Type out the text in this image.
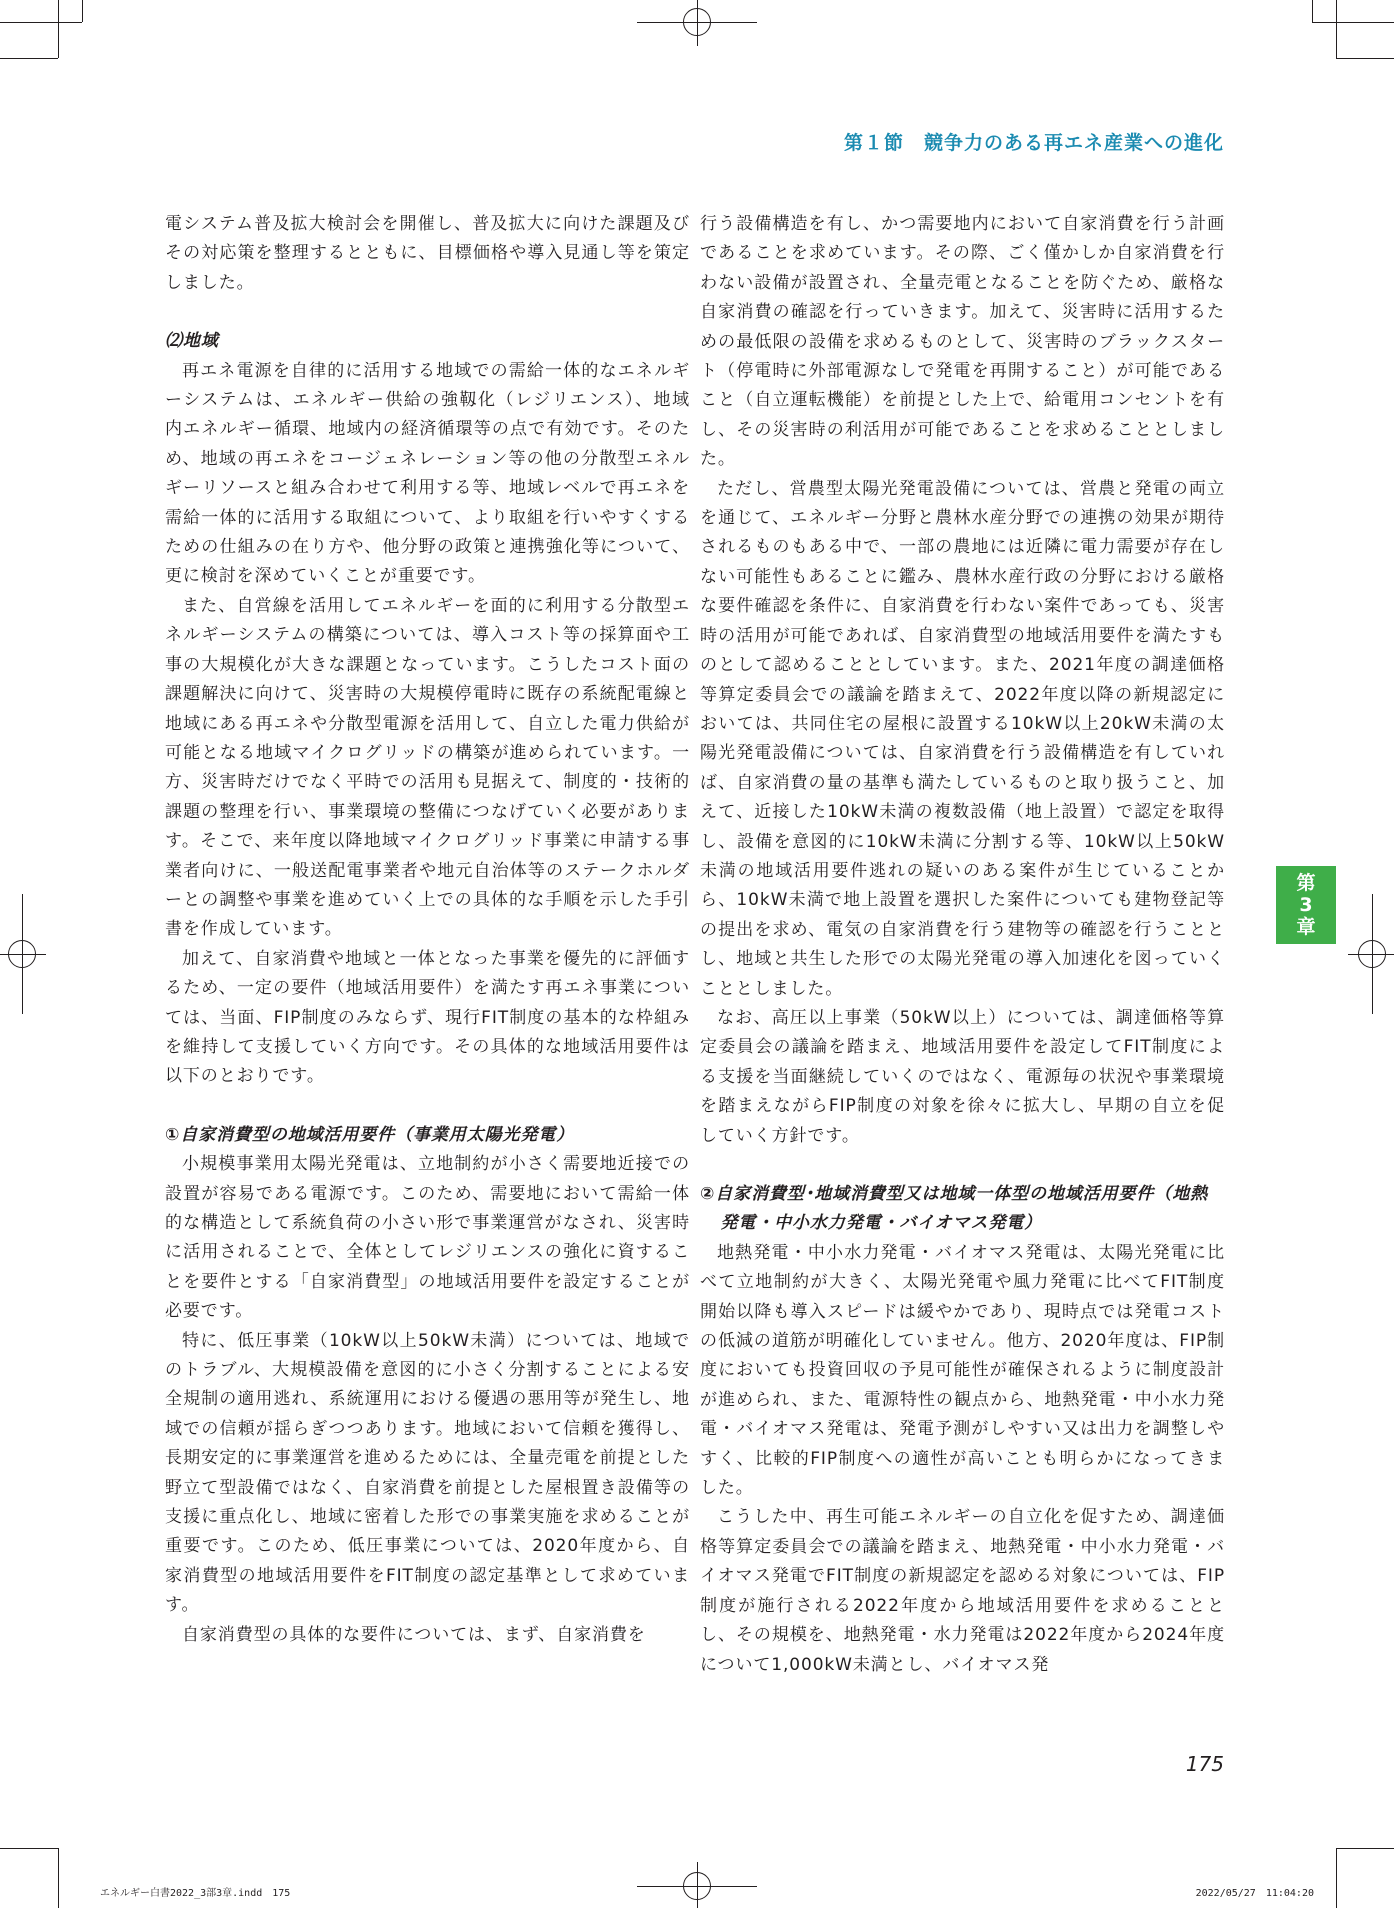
第１節　競争力のある再エネ産業への進化

電システム普及拡大検討会を開催し、普及拡大に向けた課題及びその対応策を整理するとともに、目標価格や導入見通し等を策定しました。

⑵地域

再エネ電源を自律的に活用する地域での需給一体的なエネルギーシステムは、エネルギー供給の強靱化（レジリエンス）、地域内エネルギー循環、地域内の経済循環等の点で有効です。そのため、地域の再エネをコージェネレーション等の他の分散型エネルギーリソースと組み合わせて利用する等、地域レベルで再エネを需給一体的に活用する取組について、より取組を行いやすくするための仕組みの在り方や、他分野の政策と連携強化等について、更に検討を深めていくことが重要です。

また、自営線を活用してエネルギーを面的に利用する分散型エネルギーシステムの構築については、導入コスト等の採算面や工事の大規模化が大きな課題となっています。こうしたコスト面の課題解決に向けて、災害時の大規模停電時に既存の系統配電線と地域にある再エネや分散型電源を活用して、自立した電力供給が可能となる地域マイクログリッドの構築が進められています。一方、災害時だけでなく平時での活用も見据えて、制度的・技術的課題の整理を行い、事業環境の整備につなげていく必要があります。そこで、来年度以降地域マイクログリッド事業に申請する事業者向けに、一般送配電事業者や地元自治体等のステークホルダーとの調整や事業を進めていく上での具体的な手順を示した手引書を作成しています。

加えて、自家消費や地域と一体となった事業を優先的に評価するため、一定の要件（地域活用要件）を満たす再エネ事業については、当面、FIP制度のみならず、現行FIT制度の基本的な枠組みを維持して支援していく方向です。その具体的な地域活用要件は以下のとおりです。

①自家消費型の地域活用要件（事業用太陽光発電）

小規模事業用太陽光発電は、立地制約が小さく需要地近接での設置が容易である電源です。このため、需要地において需給一体的な構造として系統負荷の小さい形で事業運営がなされ、災害時に活用されることで、全体としてレジリエンスの強化に資することを要件とする「自家消費型」の地域活用要件を設定することが必要です。

特に、低圧事業（10kW以上50kW未満）については、地域でのトラブル、大規模設備を意図的に小さく分割することによる安全規制の適用逃れ、系統運用における優遇の悪用等が発生し、地域での信頼が揺らぎつつあります。地域において信頼を獲得し、長期安定的に事業運営を進めるためには、全量売電を前提とした野立て型設備ではなく、自家消費を前提とした屋根置き設備等の支援に重点化し、地域に密着した形での事業実施を求めることが重要です。このため、低圧事業については、2020年度から、自家消費型の地域活用要件をFIT制度の認定基準として求めています。

自家消費型の具体的な要件については、まず、自家消費を

行う設備構造を有し、かつ需要地内において自家消費を行う計画であることを求めています。その際、ごく僅かしか自家消費を行わない設備が設置され、全量売電となることを防ぐため、厳格な自家消費の確認を行っていきます。加えて、災害時に活用するための最低限の設備を求めるものとして、災害時のブラックスタート（停電時に外部電源なしで発電を再開すること）が可能であること（自立運転機能）を前提とした上で、給電用コンセントを有し、その災害時の利活用が可能であることを求めることとしました。

ただし、営農型太陽光発電設備については、営農と発電の両立を通じて、エネルギー分野と農林水産分野での連携の効果が期待されるものもある中で、一部の農地には近隣に電力需要が存在しない可能性もあることに鑑み、農林水産行政の分野における厳格な要件確認を条件に、自家消費を行わない案件であっても、災害時の活用が可能であれば、自家消費型の地域活用要件を満たすものとして認めることとしています。また、2021年度の調達価格等算定委員会での議論を踏まえて、2022年度以降の新規認定においては、共同住宅の屋根に設置する10kW以上20kW未満の太陽光発電設備については、自家消費を行う設備構造を有していれば、自家消費の量の基準も満たしているものと取り扱うこと、加えて、近接した10kW未満の複数設備（地上設置）で認定を取得し、設備を意図的に10kW未満に分割する等、10kW以上50kW未満の地域活用要件逃れの疑いのある案件が生じていることから、10kW未満で地上設置を選択した案件についても建物登記等の提出を求め、電気の自家消費を行う建物等の確認を行うこととし、地域と共生した形での太陽光発電の導入加速化を図っていくこととしました。

なお、高圧以上事業（50kW以上）については、調達価格等算定委員会の議論を踏まえ、地域活用要件を設定してFIT制度による支援を当面継続していくのではなく、電源毎の状況や事業環境を踏まえながらFIP制度の対象を徐々に拡大し、早期の自立を促していく方針です。

②自家消費型･地域消費型又は地域一体型の地域活用要件（地熱発電・中小水力発電・バイオマス発電）

地熱発電・中小水力発電・バイオマス発電は、太陽光発電に比べて立地制約が大きく、太陽光発電や風力発電に比べてFIT制度開始以降も導入スピードは緩やかであり、現時点では発電コストの低減の道筋が明確化していません。他方、2020年度は、FIP制度においても投資回収の予見可能性が確保されるように制度設計が進められ、また、電源特性の観点から、地熱発電・中小水力発電・バイオマス発電は、発電予測がしやすい又は出力を調整しやすく、比較的FIP制度への適性が高いことも明らかになってきました。

こうした中、再生可能エネルギーの自立化を促すため、調達価格等算定委員会での議論を踏まえ、地熱発電・中小水力発電・バイオマス発電でFIT制度の新規認定を認める対象については、FIP制度が施行される2022年度から地域活用要件を求めることとし、その規模を、地熱発電・水力発電は2022年度から2024年度について1,000kW未満とし、バイオマス発

第
3
章
175
エネルギー白書2022_3部3章.indd　175	2022/05/27　11:04:20
